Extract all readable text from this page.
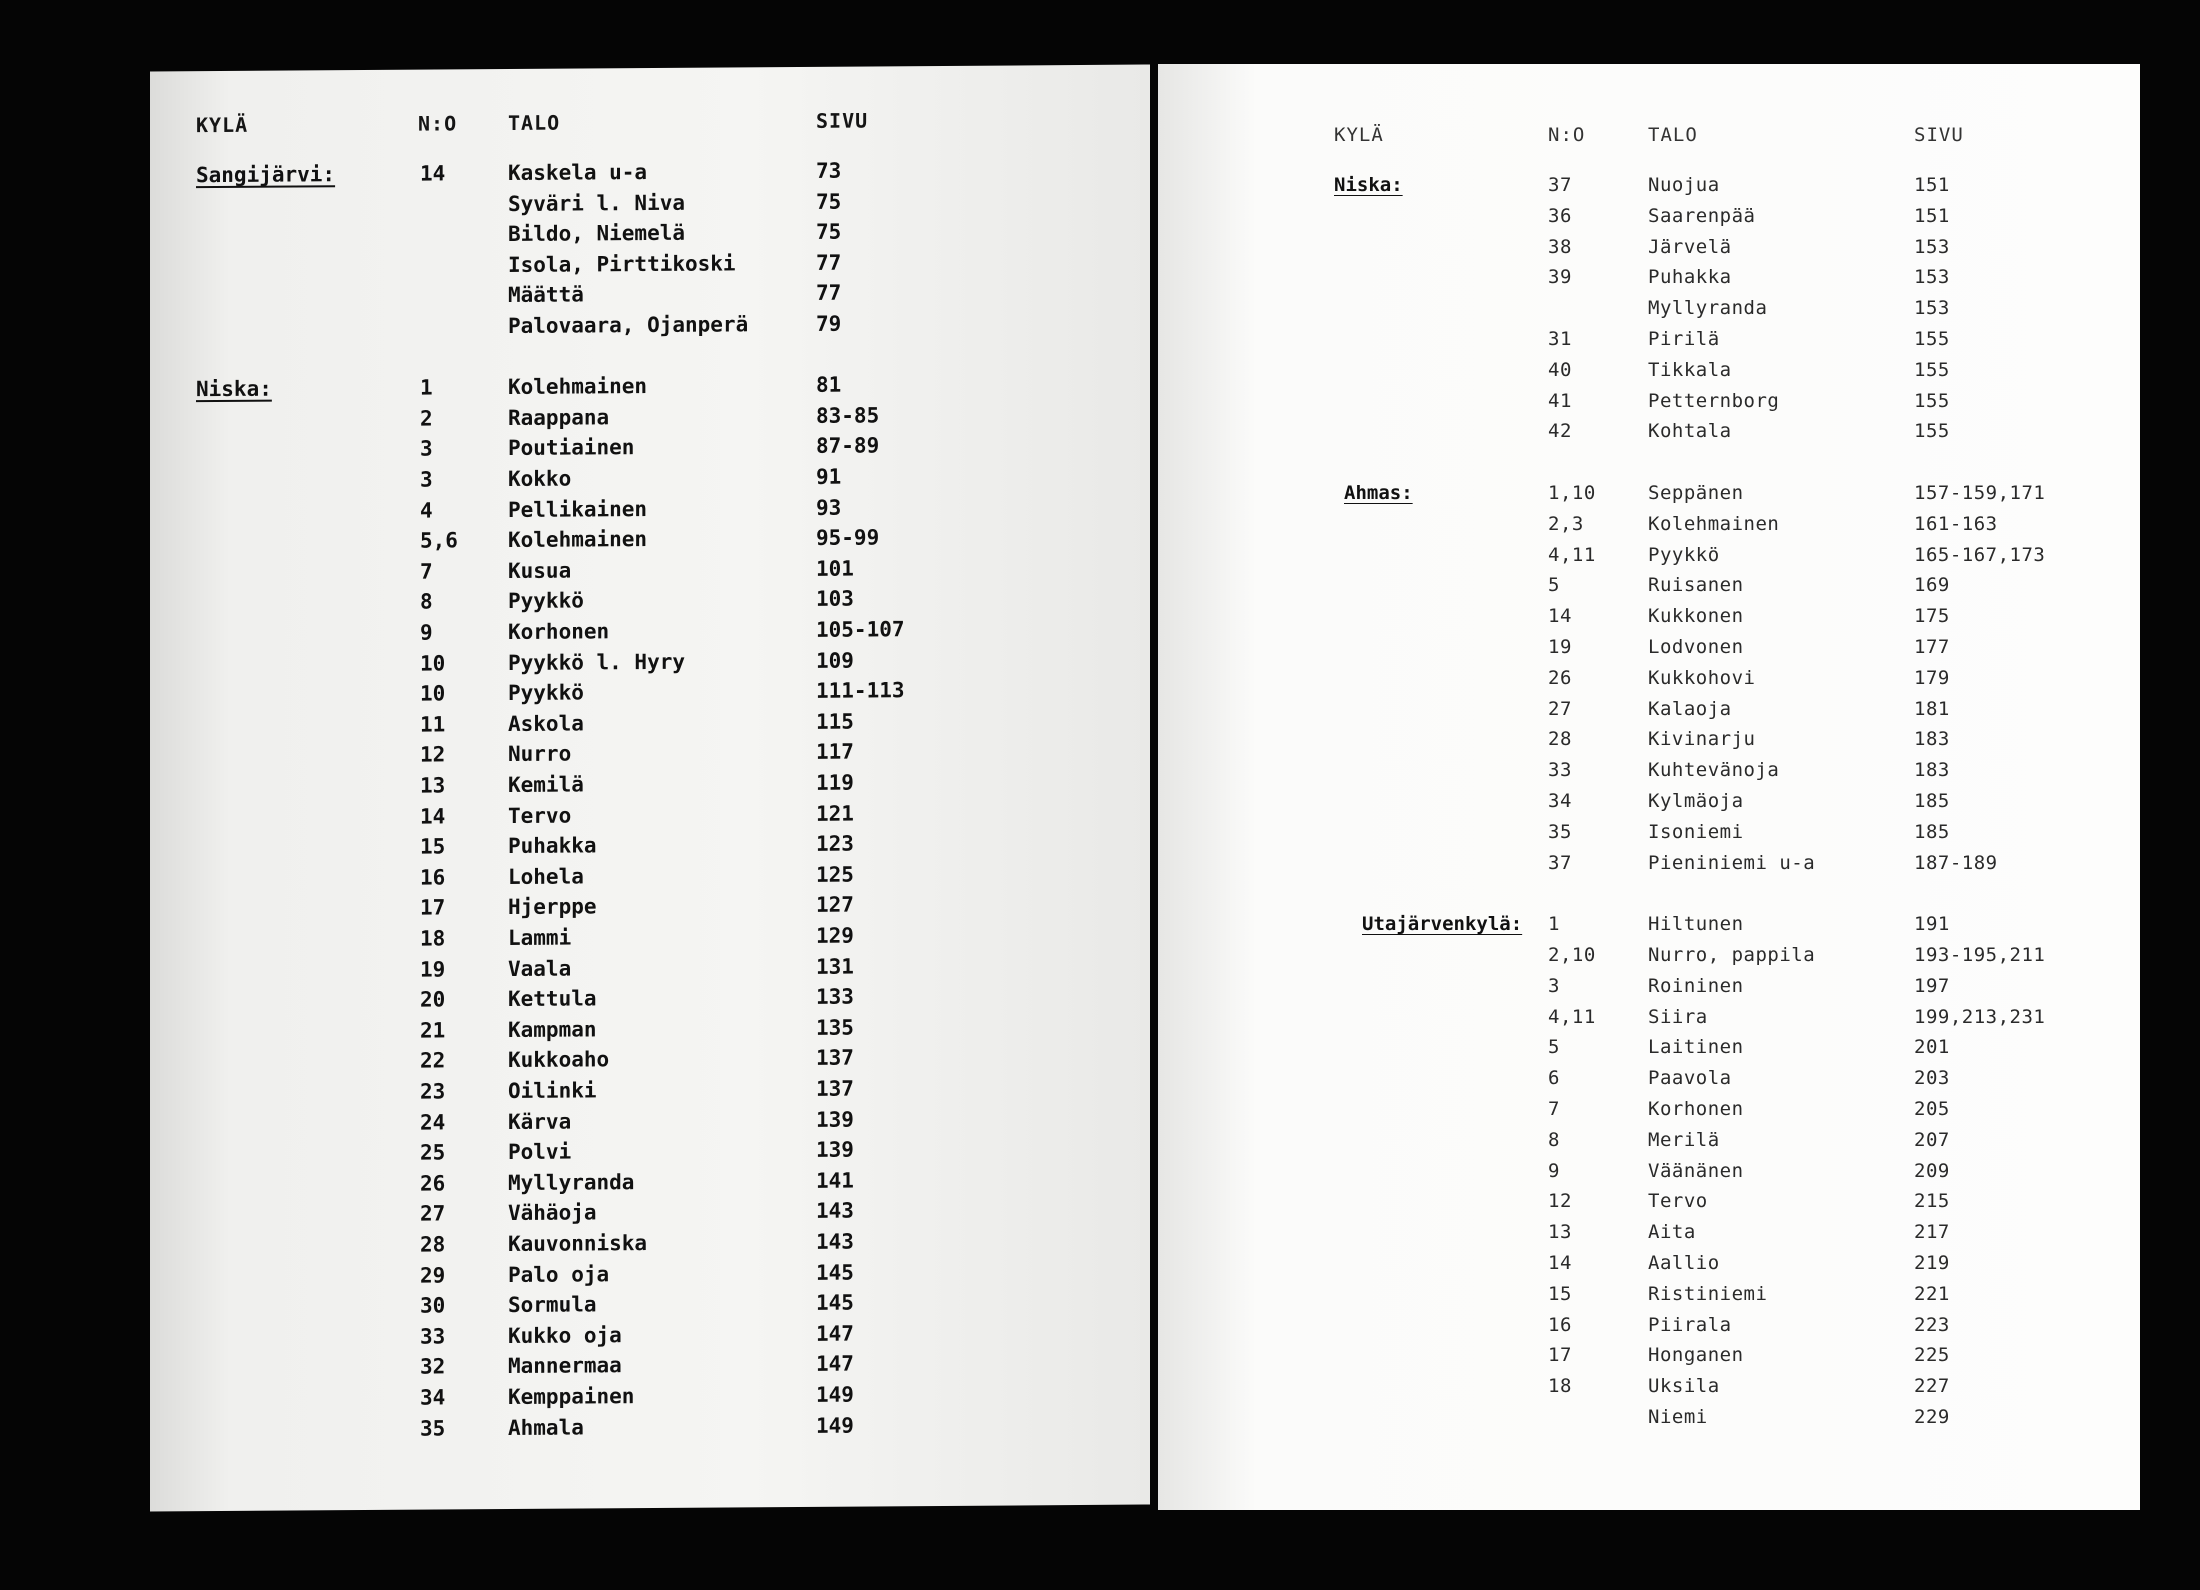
KYLÄ	N:O	TALO	SIVU
Sangijärvi:	14	Kaskela u-a	73
Syväri l. Niva	75
Bildo, Niemelä	75
Isola, Pirttikoski	77
Määttä	77
Palovaara, Ojanperä	79
Niska:	1	Kolehmainen	81
2	Raappana	83-85
3	Poutiainen	87-89
3	Kokko	91
4	Pellikainen	93
5,6 Kolehmainen	95-99
7	Kusua	101
8	Pyykkö	103
9	Korhonen	105-107
10	Pyykkö l. Hyry	109
10	Pyykkö	111-113
11	Askola	115
12	Nurro	117
13	Kemilä	119
14	Tervo	121
15	Puhakka	123
16	Lohela	125
17	Hjerppe	127
18	Lammi	129
19	Vaala	131
20	Kettula	133
21	Kampman	135
22	Kukkoaho	137
23	Oilinki	137
24	Kärva	139
25	Polvi	139
26	Myllyranda	141
27	Vähäoja	143
28	Kauvonniska	143
29	Palo oja	145
30	Sormula	145
33	Kukko oja	147
32	Mannermaa	147
34	Kemppainen	149
35	Ahmala	149
KYLÄ	N:O	TALO	SIVU
Niska:	37	Nuojua	151
36	Saarenpää	151
38	Järvelä	153
39	Puhakka	153
Myllyranda	153
31	Pirilä	155
40	Tikkala	155
41	Petternborg	155
42	Kohtala	155
Ahmas:	1,10	Seppänen	157-159,171
2,3	Kolehmainen	161-163
4,11	Pyykkö	165-167,173
5	Ruisanen	169
14	Kukkonen	175
19	Lodvonen	177
26	Kukkohovi	179
27	Kalaoja	181
28	Kivinarju	183
33	Kuhtevänoja	183
34	Kylmäoja	185
35	Isoniemi	185
37	Pieniniemi u-a	187-189
Utajärvenkylä: 1	Hiltunen	191
2,10	Nurro, pappila	193-195,211
3	Roininen	197
4,11	Siira	199,213,231
5	Laitinen	201
6	Paavola	203
7	Korhonen	205
8	Merilä	207
9	Väänänen	209
12	Tervo	215
13	Aita	217
14	Aallio	219
15	Ristiniemi	221
16	Piirala	223
17	Honganen	225
18	Uksila	227
Niemi	229
